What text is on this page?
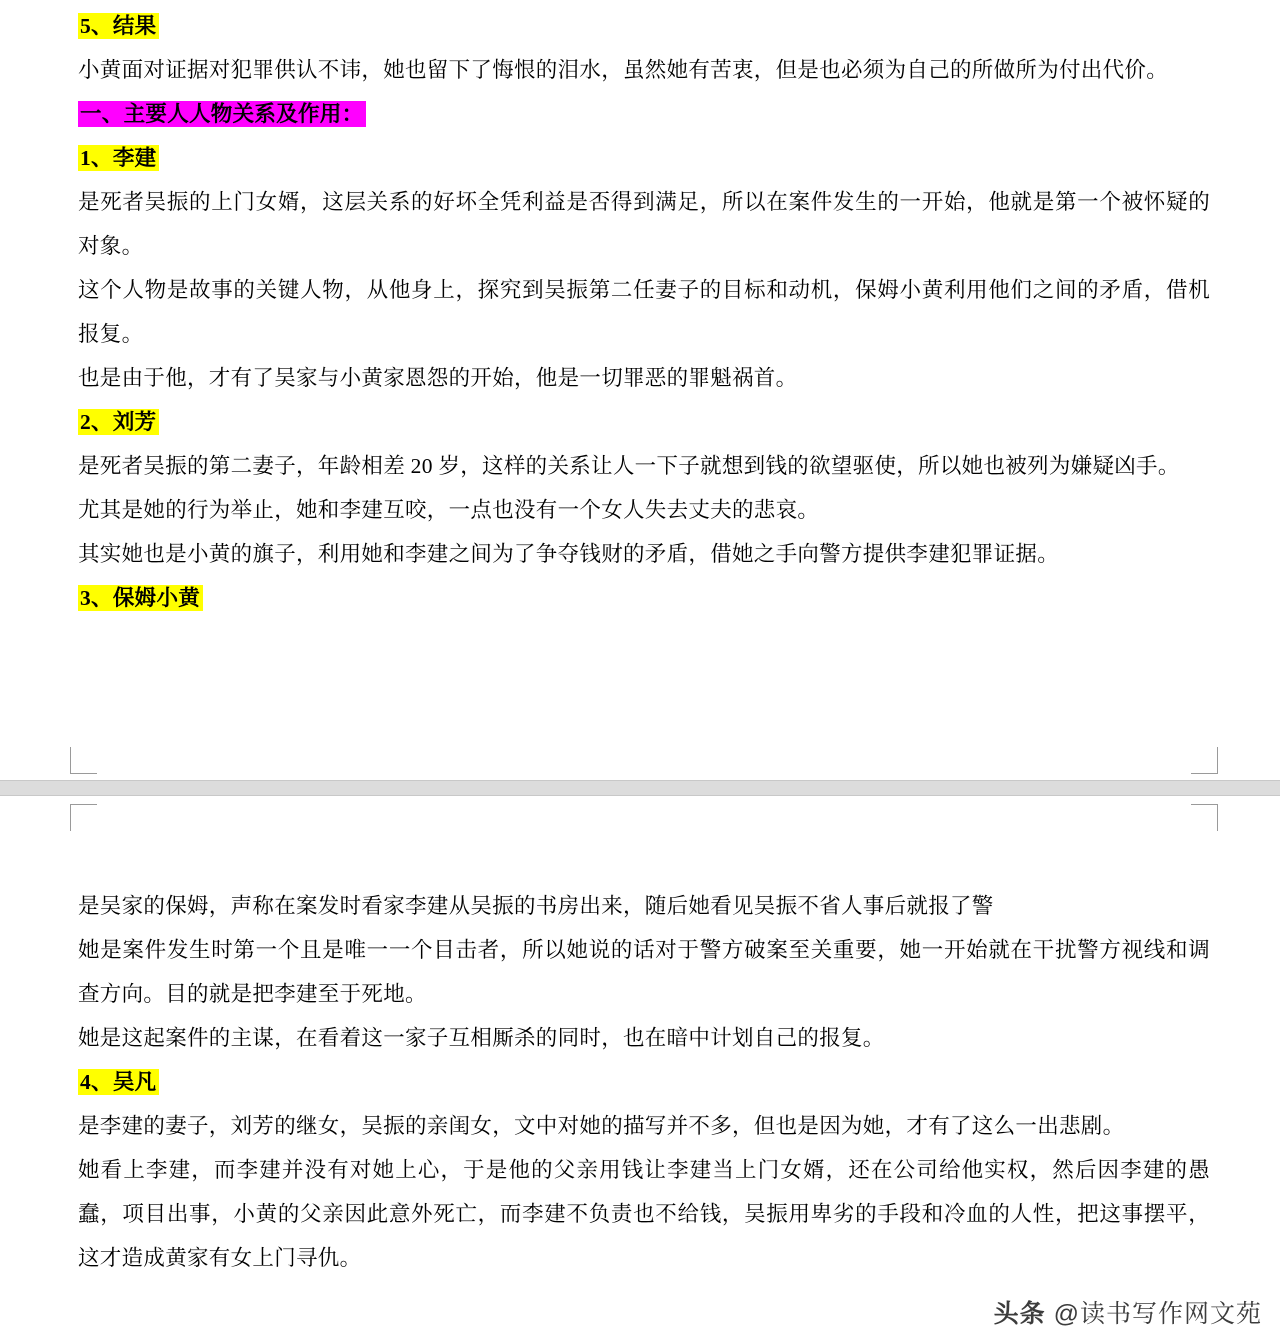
5、结果

小黄面对证据对犯罪供认不讳，她也留下了悔恨的泪水，虽然她有苦衷，但是也必须为自己的所做所为付出代价。

一、主要人人物关系及作用：

1、李建

是死者吴振的上门女婿，这层关系的好坏全凭利益是否得到满足，所以在案件发生的一开始，他就是第一个被怀疑的对象。

这个人物是故事的关键人物，从他身上，探究到吴振第二任妻子的目标和动机，保姆小黄利用他们之间的矛盾，借机报复。

也是由于他，才有了吴家与小黄家恩怨的开始，他是一切罪恶的罪魁祸首。

2、刘芳

是死者吴振的第二妻子，年龄相差 20 岁，这样的关系让人一下子就想到钱的欲望驱使，所以她也被列为嫌疑凶手。

尤其是她的行为举止，她和李建互咬，一点也没有一个女人失去丈夫的悲哀。

其实她也是小黄的旗子，利用她和李建之间为了争夺钱财的矛盾，借她之手向警方提供李建犯罪证据。

3、保姆小黄

是吴家的保姆，声称在案发时看家李建从吴振的书房出来，随后她看见吴振不省人事后就报了警

她是案件发生时第一个且是唯一一个目击者，所以她说的话对于警方破案至关重要，她一开始就在干扰警方视线和调查方向。目的就是把李建至于死地。

她是这起案件的主谋，在看着这一家子互相厮杀的同时，也在暗中计划自己的报复。

4、吴凡

是李建的妻子，刘芳的继女，吴振的亲闺女，文中对她的描写并不多，但也是因为她，才有了这么一出悲剧。

她看上李建，而李建并没有对她上心，于是他的父亲用钱让李建当上门女婿，还在公司给他实权，然后因李建的愚蠢，项目出事，小黄的父亲因此意外死亡，而李建不负责也不给钱，吴振用卑劣的手段和冷血的人性，把这事摆平，这才造成黄家有女上门寻仇。

头条 @读书写作网文苑
